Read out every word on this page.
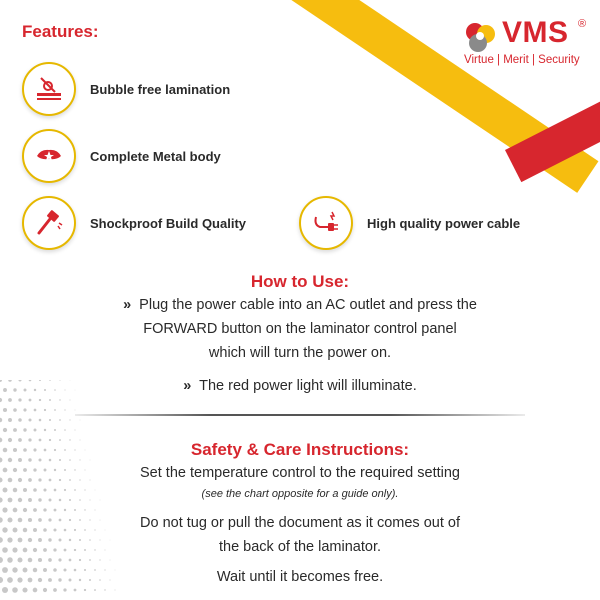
VMS ®
Virtue | Merit | Security
Features:
Bubble free lamination
Complete Metal body
Shockproof Build Quality	High quality power cable
How to Use:
» Plug the power cable into an AC outlet and press the
FORWARD button on the laminator control panel
which will turn the power on.
» The red power light will illuminate.
Safety & Care Instructions:
Set the temperature control to the required setting
(see the chart opposite for a guide only).
Do not tug or pull the document as it comes out of
the back of the laminator.
Wait until it becomes free.
